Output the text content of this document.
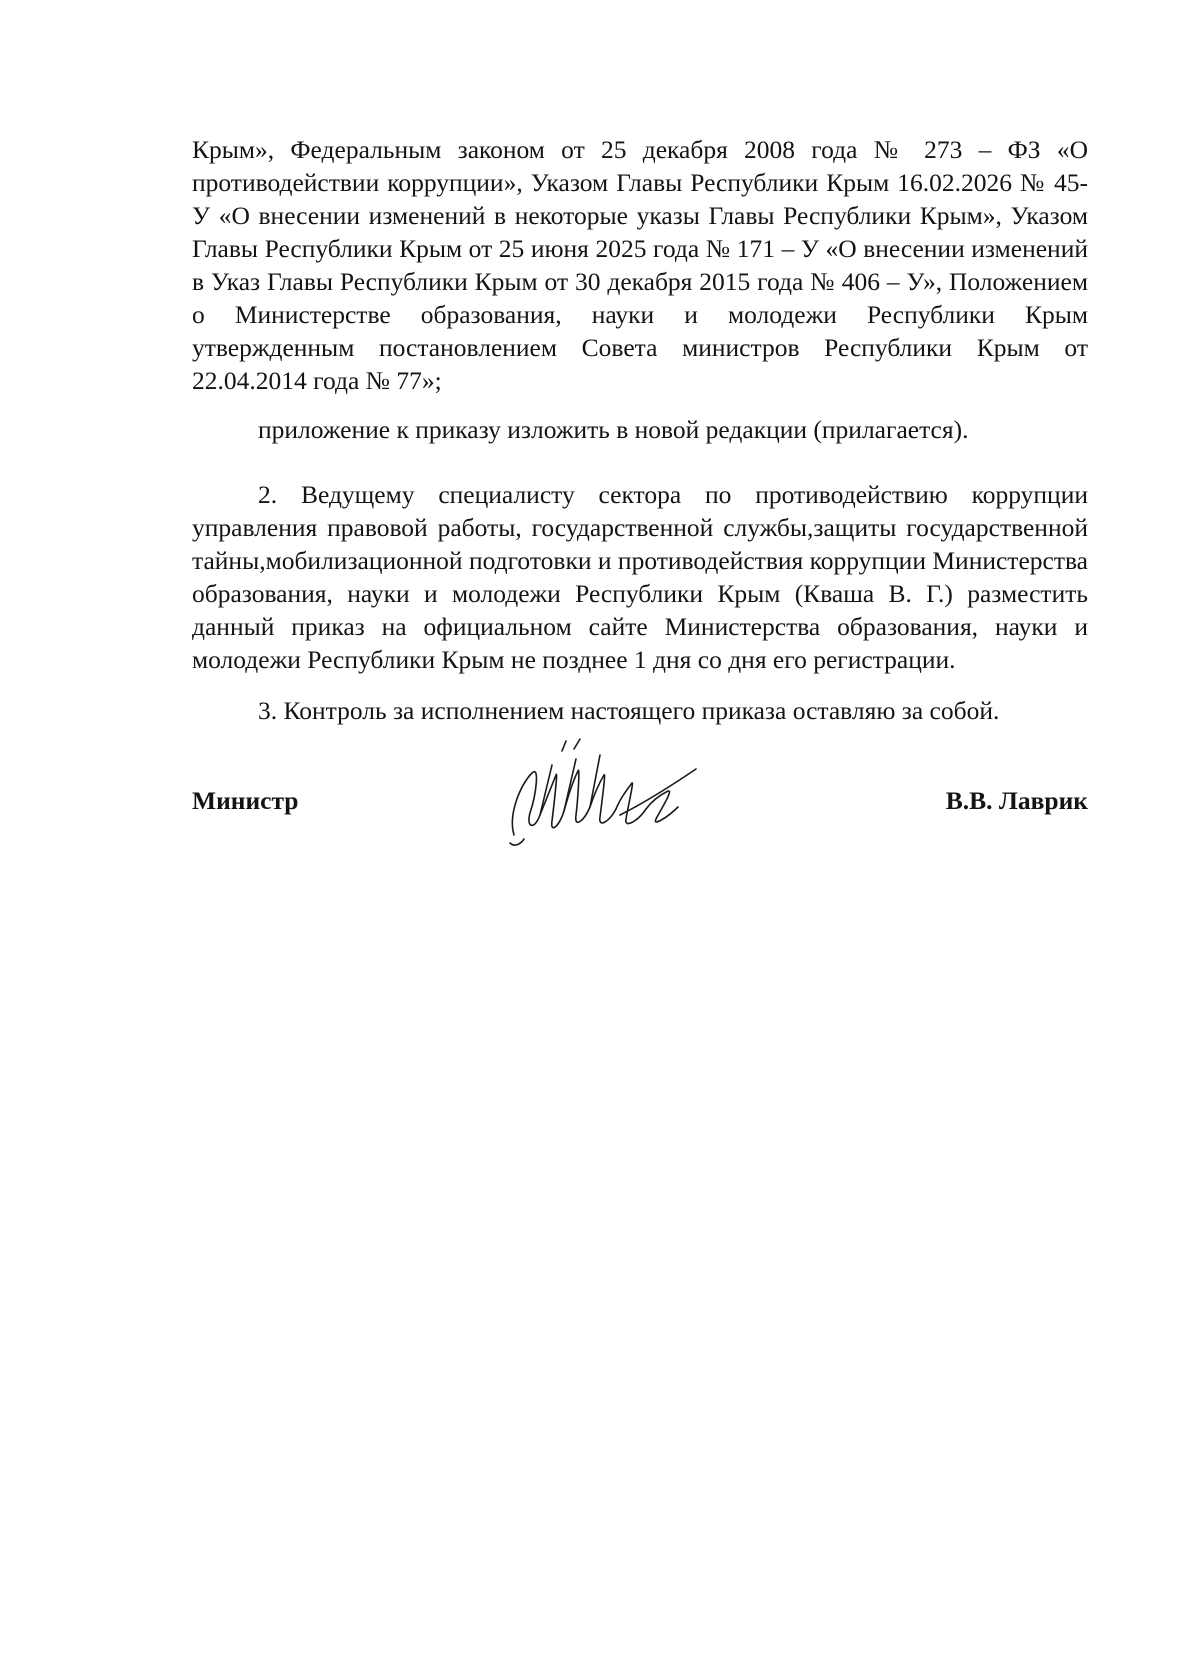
Крым», Федеральным законом от 25 декабря 2008 года № 273 – ФЗ «О противодействии коррупции», Указом Главы Республики Крым 16.02.2026 № 45-У «О внесении изменений в некоторые указы Главы Республики Крым», Указом Главы Республики Крым от 25 июня 2025 года № 171 – У «О внесении изменений в Указ Главы Республики Крым от 30 декабря 2015 года № 406 – У», Положением о Министерстве образования, науки и молодежи Республики Крым утвержденным постановлением Совета министров Республики Крым от 22.04.2014 года № 77»;

приложение к приказу изложить в новой редакции (прилагается).

2. Ведущему специалисту сектора по противодействию коррупции управления правовой работы, государственной службы,защиты государственной тайны,мобилизационной подготовки и противодействия коррупции Министерства образования, науки и молодежи Республики Крым (Кваша В. Г.) разместить данный приказ на официальном сайте Министерства образования, науки и молодежи Республики Крым не позднее 1 дня со дня его регистрации.

3. Контроль за исполнением настоящего приказа оставляю за собой.

Министр	В.В. Лаврик
